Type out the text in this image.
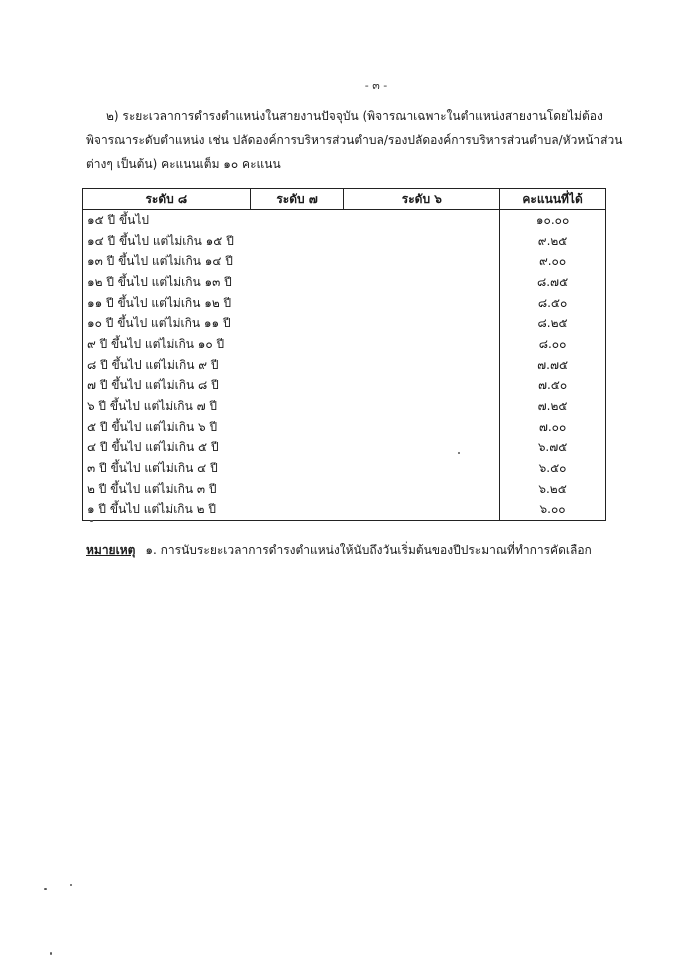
- ๓ -
๒) ระยะเวลาการดำรงตำแหน่งในสายงานปัจจุบัน (พิจารณาเฉพาะในตำแหน่งสายงานโดยไม่ต้องพิจารณาระดับตำแหน่ง เช่น ปลัดองค์การบริหารส่วนตำบล/รองปลัดองค์การบริหารส่วนตำบล/หัวหน้าส่วนต่างๆ เป็นต้น) คะแนนเต็ม ๑๐ คะแนน
ระดับ ๘	ระดับ ๗	ระดับ ๖	คะแนนที่ได้
๑๕ ปี ขึ้นไป			๑๐.๐๐
๑๔ ปี ขึ้นไป แต่ไม่เกิน ๑๕ ปี			๙.๒๕
๑๓ ปี ขึ้นไป แต่ไม่เกิน ๑๔ ปี			๙.๐๐
๑๒ ปี ขึ้นไป แต่ไม่เกิน ๑๓ ปี			๘.๗๕
๑๑ ปี ขึ้นไป แต่ไม่เกิน ๑๒ ปี			๘.๕๐
๑๐ ปี ขึ้นไป แต่ไม่เกิน ๑๑ ปี			๘.๒๕
๙ ปี ขึ้นไป แต่ไม่เกิน ๑๐ ปี			๘.๐๐
๘ ปี ขึ้นไป แต่ไม่เกิน ๙ ปี			๗.๗๕
๗ ปี ขึ้นไป แต่ไม่เกิน ๘ ปี			๗.๕๐
๖ ปี ขึ้นไป แต่ไม่เกิน ๗ ปี			๗.๒๕
๕ ปี ขึ้นไป แต่ไม่เกิน ๖ ปี			๗.๐๐
๔ ปี ขึ้นไป แต่ไม่เกิน ๕ ปี			๖.๗๕
๓ ปี ขึ้นไป แต่ไม่เกิน ๔ ปี			๖.๕๐
๒ ปี ขึ้นไป แต่ไม่เกิน ๓ ปี			๖.๒๕
๑ ปี ขึ้นไป แต่ไม่เกิน ๒ ปี			๖.๐๐
หมายเหตุ ๑. การนับระยะเวลาการดำรงตำแหน่งให้นับถึงวันเริ่มต้นของปีประมาณที่ทำการคัดเลือก
